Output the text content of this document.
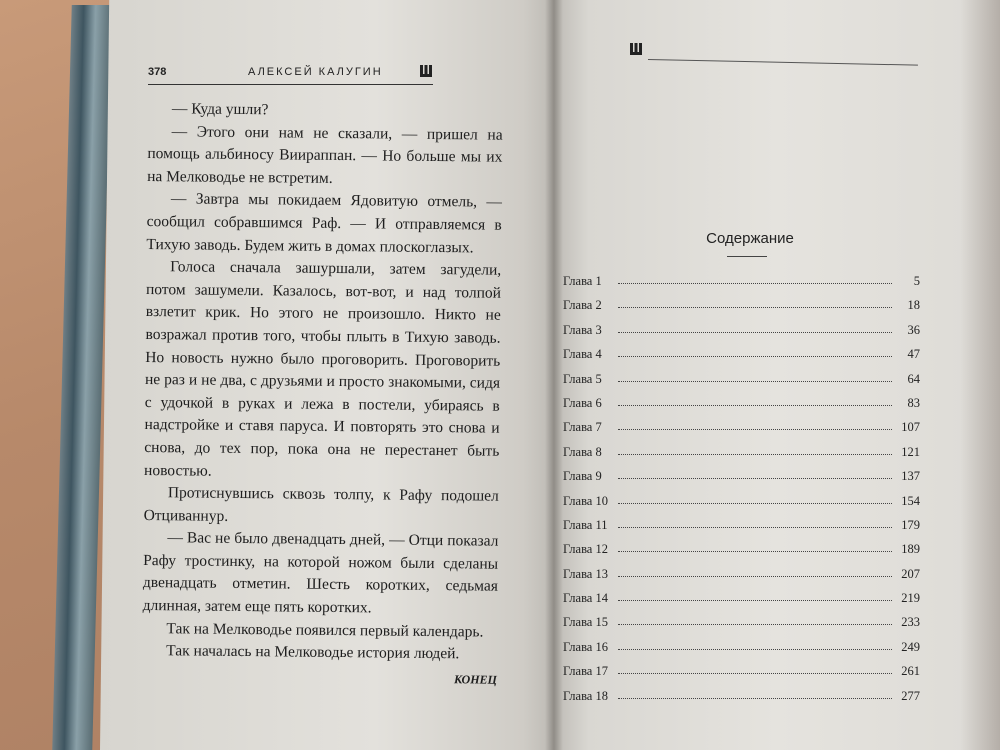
378	АЛЕКСЕЙ КАЛУГИН

— Куда ушли?

— Этого они нам не сказали, — пришел на помощь альбиносу Виираппан. — Но больше мы их на Мелководье не встретим.

— Завтра мы покидаем Ядовитую отмель, — сообщил собравшимся Раф. — И отправляемся в Тихую заводь. Будем жить в домах плоскоглазых.

Голоса сначала зашуршали, затем загудели, потом зашумели. Казалось, вот-вот, и над толпой взлетит крик. Но этого не произошло. Никто не возражал против того, чтобы плыть в Тихую заводь. Но новость нужно было проговорить. Проговорить не раз и не два, с друзьями и просто знакомыми, сидя с удочкой в руках и лежа в постели, убираясь в надстройке и ставя паруса. И повторять это снова и снова, до тех пор, пока она не перестанет быть новостью.

Протиснувшись сквозь толпу, к Рафу подошел Отциваннур.

— Вас не было двенадцать дней, — Отци показал Рафу тростинку, на которой ножом были сделаны двенадцать отметин. Шесть коротких, седьмая длинная, затем еще пять коротких.

Так на Мелководье появился первый календарь.

Так началась на Мелководье история людей.

КОНЕЦ

Содержание
Глава 1	5
Глава 2	18
Глава 3	36
Глава 4	47
Глава 5	64
Глава 6	83
Глава 7	107
Глава 8	121
Глава 9	137
Глава 10	154
Глава 11	179
Глава 12	189
Глава 13	207
Глава 14	219
Глава 15	233
Глава 16	249
Глава 17	261
Глава 18	277
